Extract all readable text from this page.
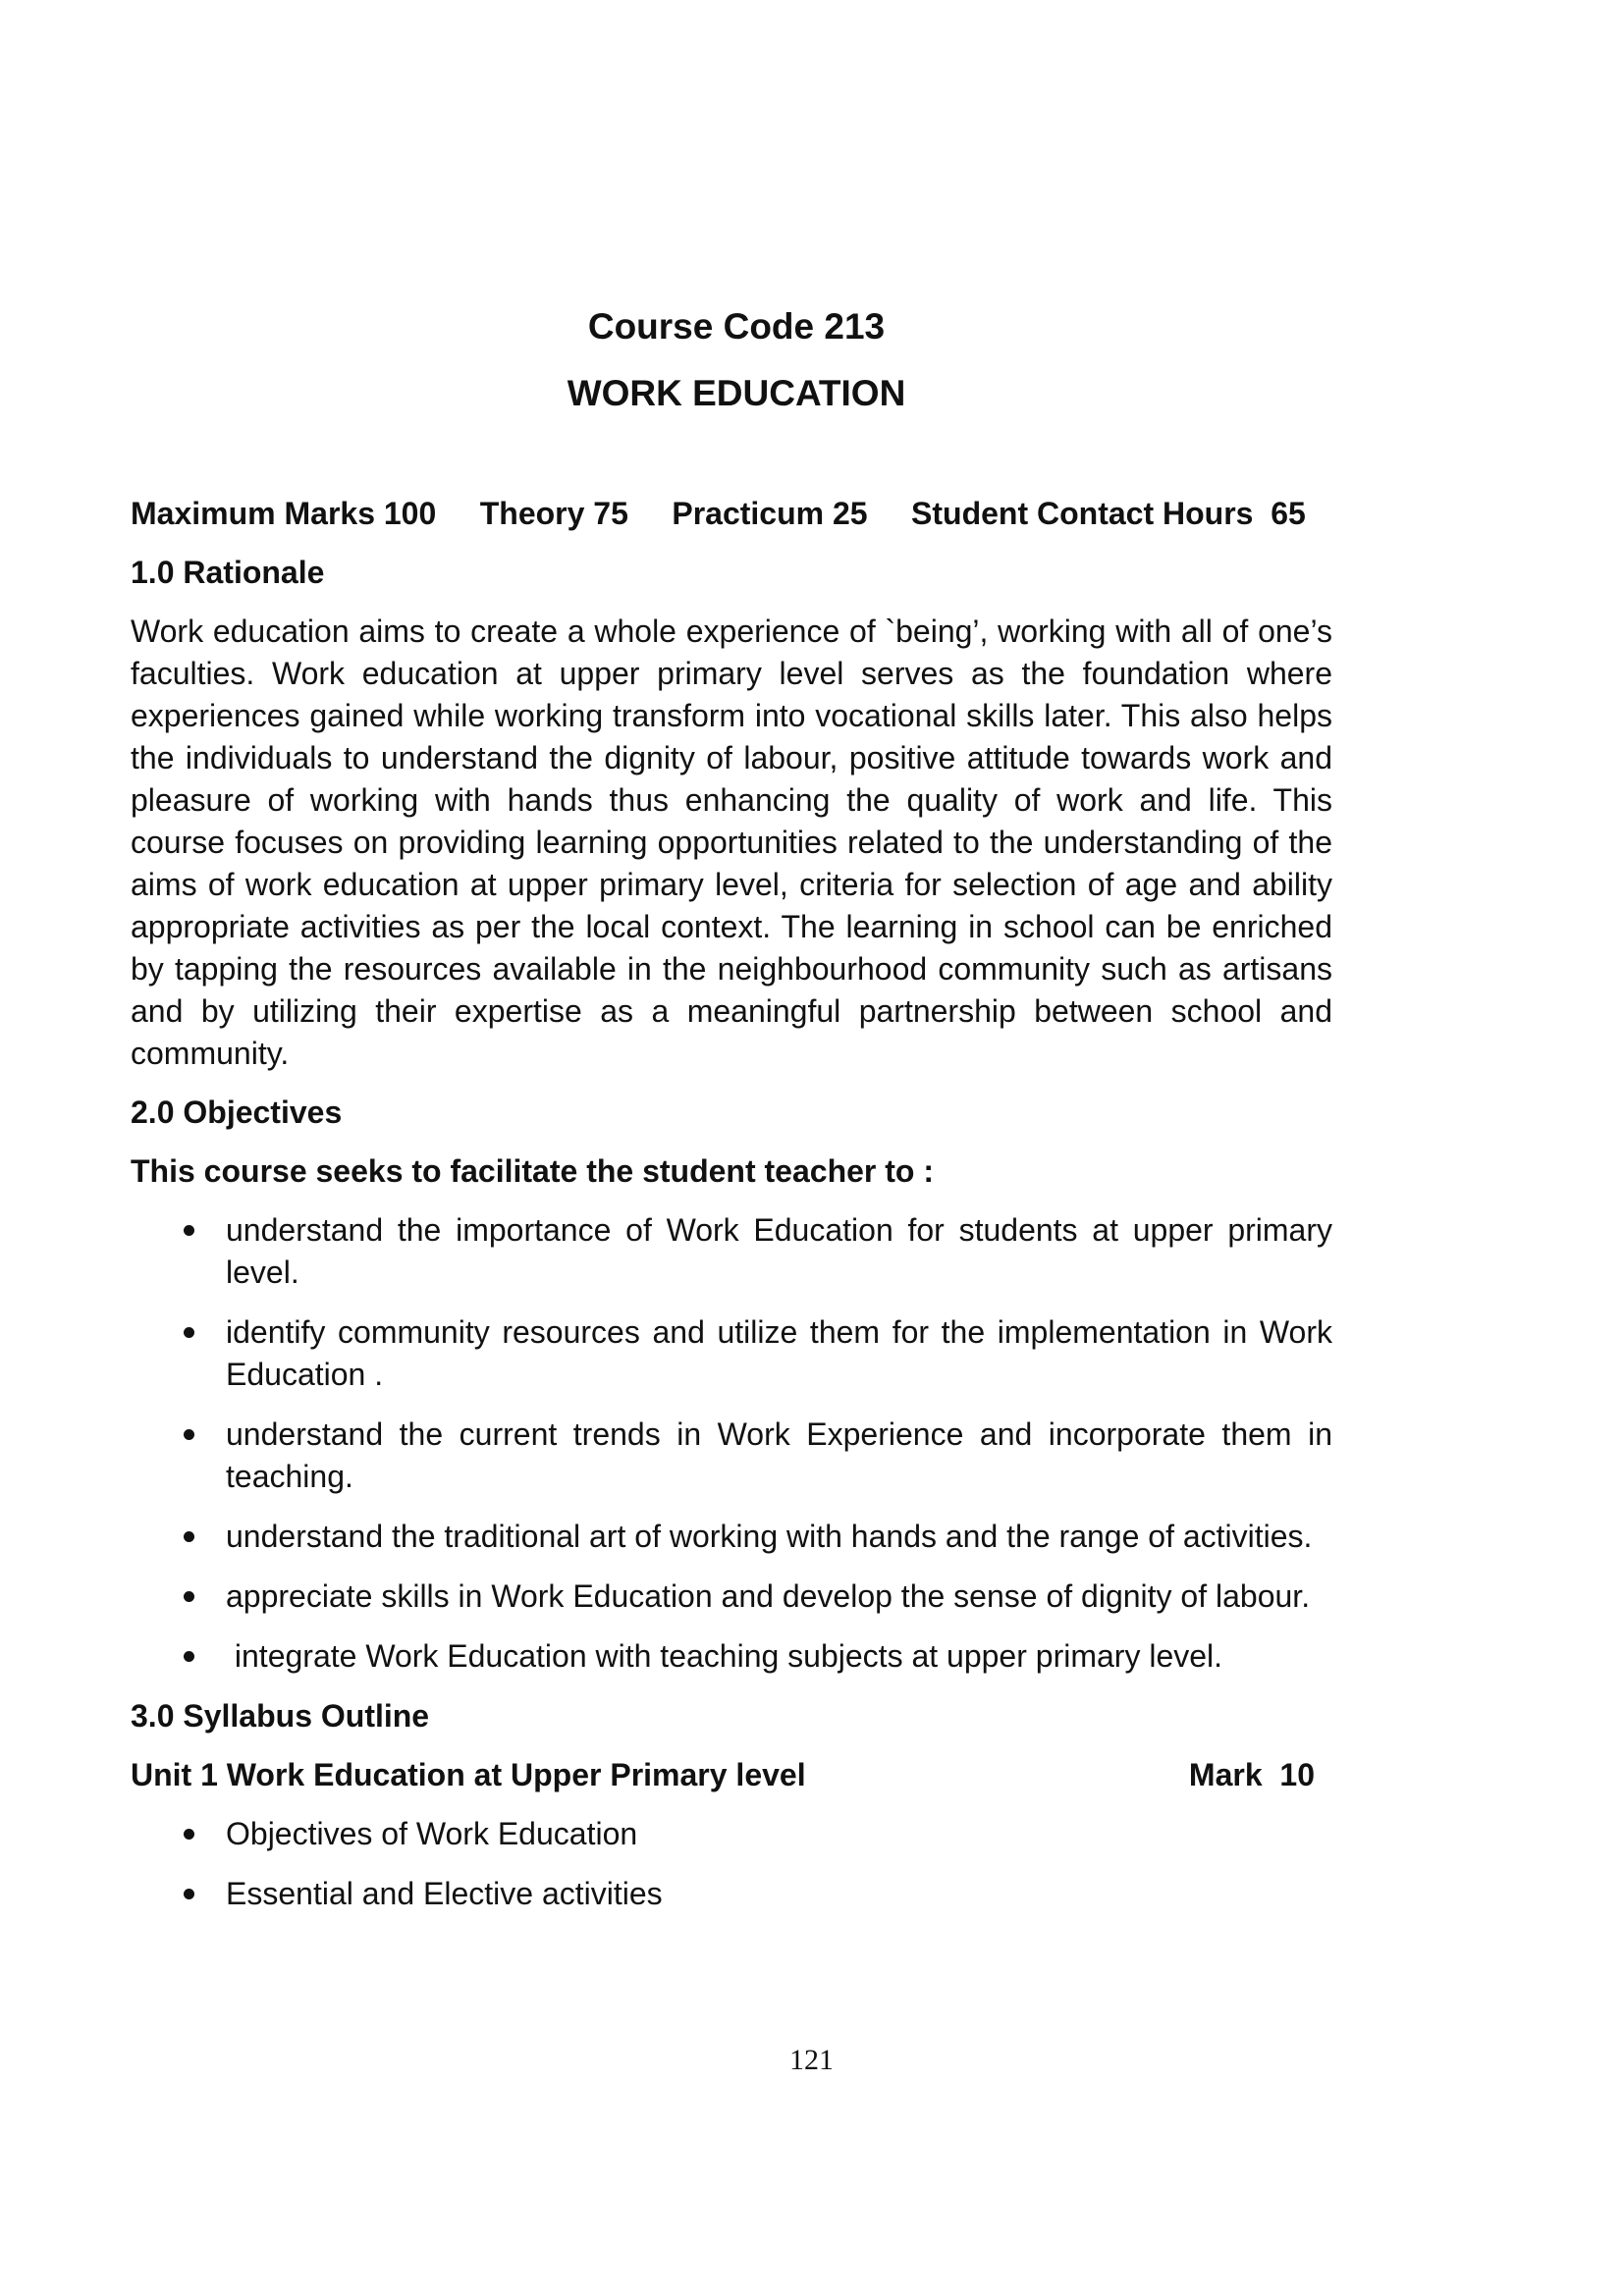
Course Code 213
WORK EDUCATION

Maximum Marks 100     Theory 75     Practicum 25     Student Contact Hours  65

1.0 Rationale

Work education aims to create a whole experience of `being’, working with all of one’s faculties. Work education at upper primary level serves as the foundation where experiences gained while working transform into vocational skills later. This also helps the individuals to understand the dignity of labour, positive attitude towards work and pleasure of working with hands thus enhancing the quality of work and life. This course focuses on providing learning opportunities related to the understanding of the aims of work education at upper primary level, criteria for selection of age and ability appropriate activities as per the local context. The learning in school can be enriched by tapping the resources available in the neighbourhood community such as artisans and by utilizing their expertise as a meaningful partnership between school and community.

2.0 Objectives

This course seeks to facilitate the student teacher to :

understand the importance of Work Education for students at upper primary level.
identify community resources and utilize them for the implementation in Work Education .
understand the current trends in Work Experience and incorporate them in teaching.
understand the traditional art of working with hands and the range of activities.
appreciate skills in Work Education and develop the sense of dignity of labour.
integrate Work Education with teaching subjects at upper primary level.

3.0 Syllabus Outline

Unit 1 Work Education at Upper Primary level	Mark  10
Objectives of Work Education
Essential and Elective activities
121
